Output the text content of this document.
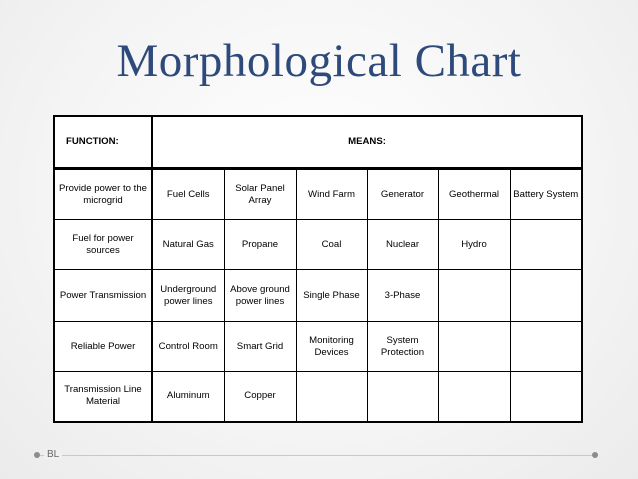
Morphological Chart
FUNCTION:	MEANS:					
Provide power to the microgrid	Fuel Cells	Solar Panel Array	Wind Farm	Generator	Geothermal	Battery System
Fuel for power sources	Natural Gas	Propane	Coal	Nuclear	Hydro	
Power Transmission	Underground power lines	Above ground power lines	Single Phase	3-Phase		
Reliable Power	Control Room	Smart Grid	Monitoring Devices	System Protection		
Transmission Line Material	Aluminum	Copper				
BL
